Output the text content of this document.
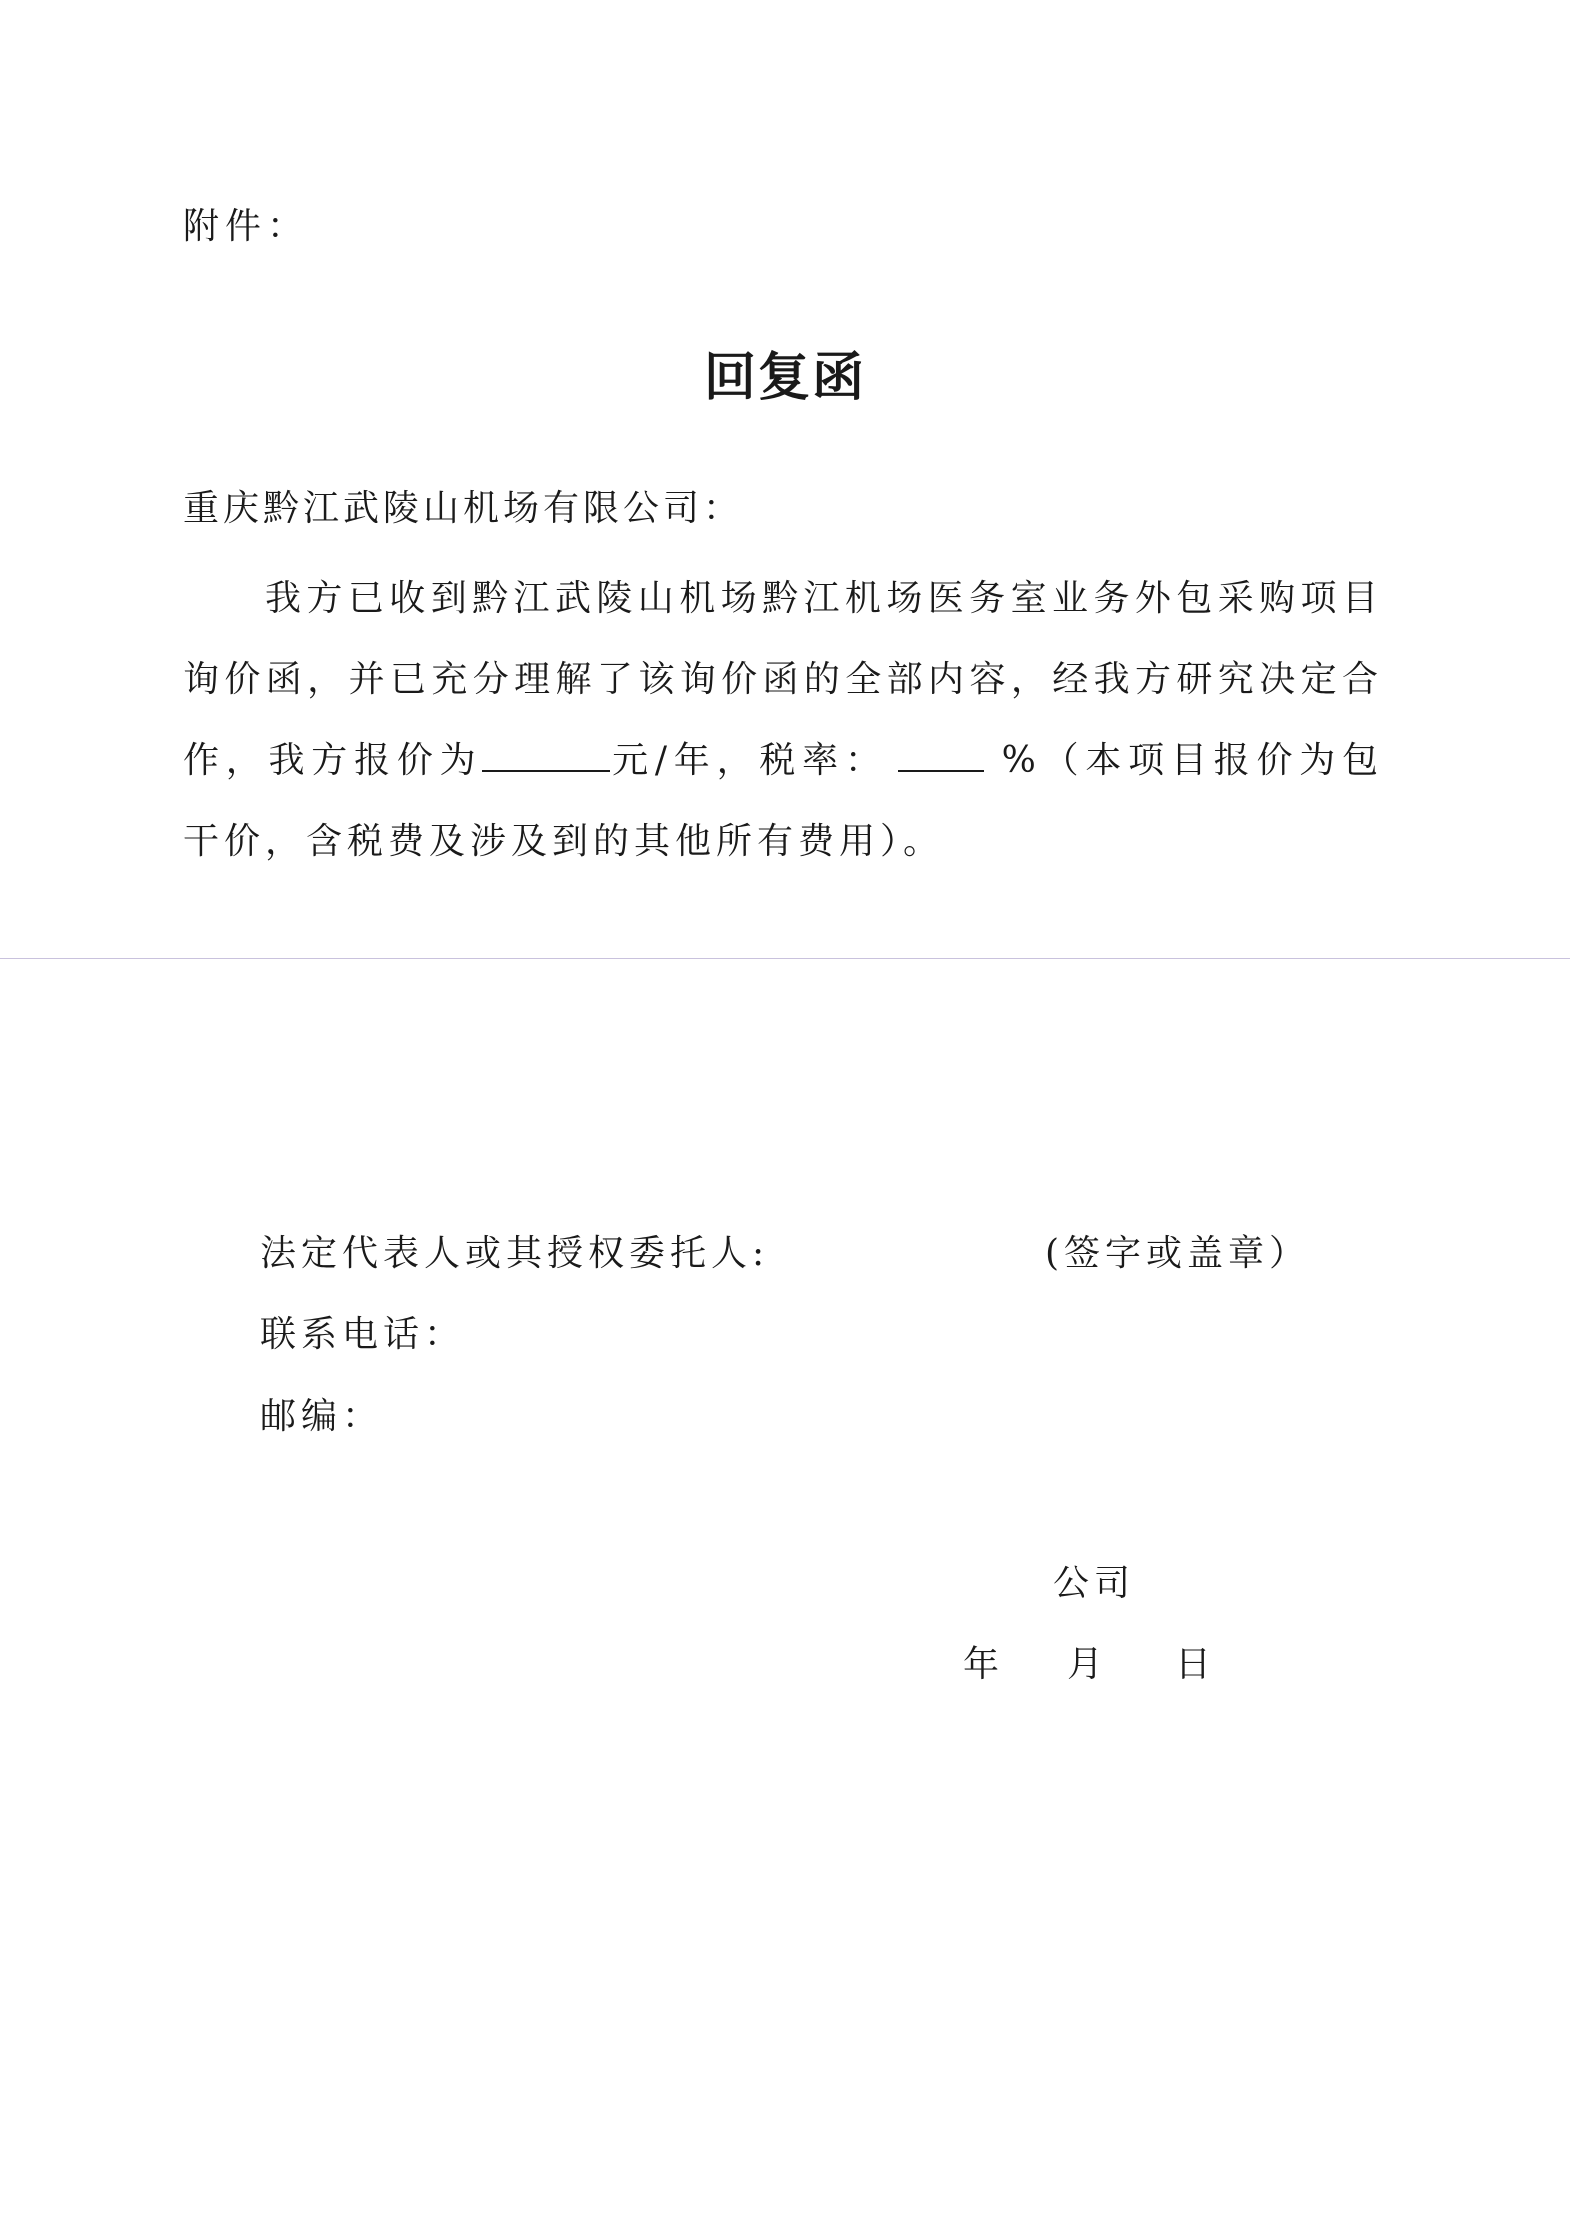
附件：
回复函
重庆黔江武陵山机场有限公司：
我方已收到黔江武陵山机场黔江机场医务室业务外包采购项目询价函，并已充分理解了该询价函的全部内容，经我方研究决定合作，我方报价为	元/年，税率：	%（本项目报价为包干价，含税费及涉及到的其他所有费用）。
法定代表人或其授权委托人:	(签字或盖章）
联系电话：
邮编：
公司
年 月 日
